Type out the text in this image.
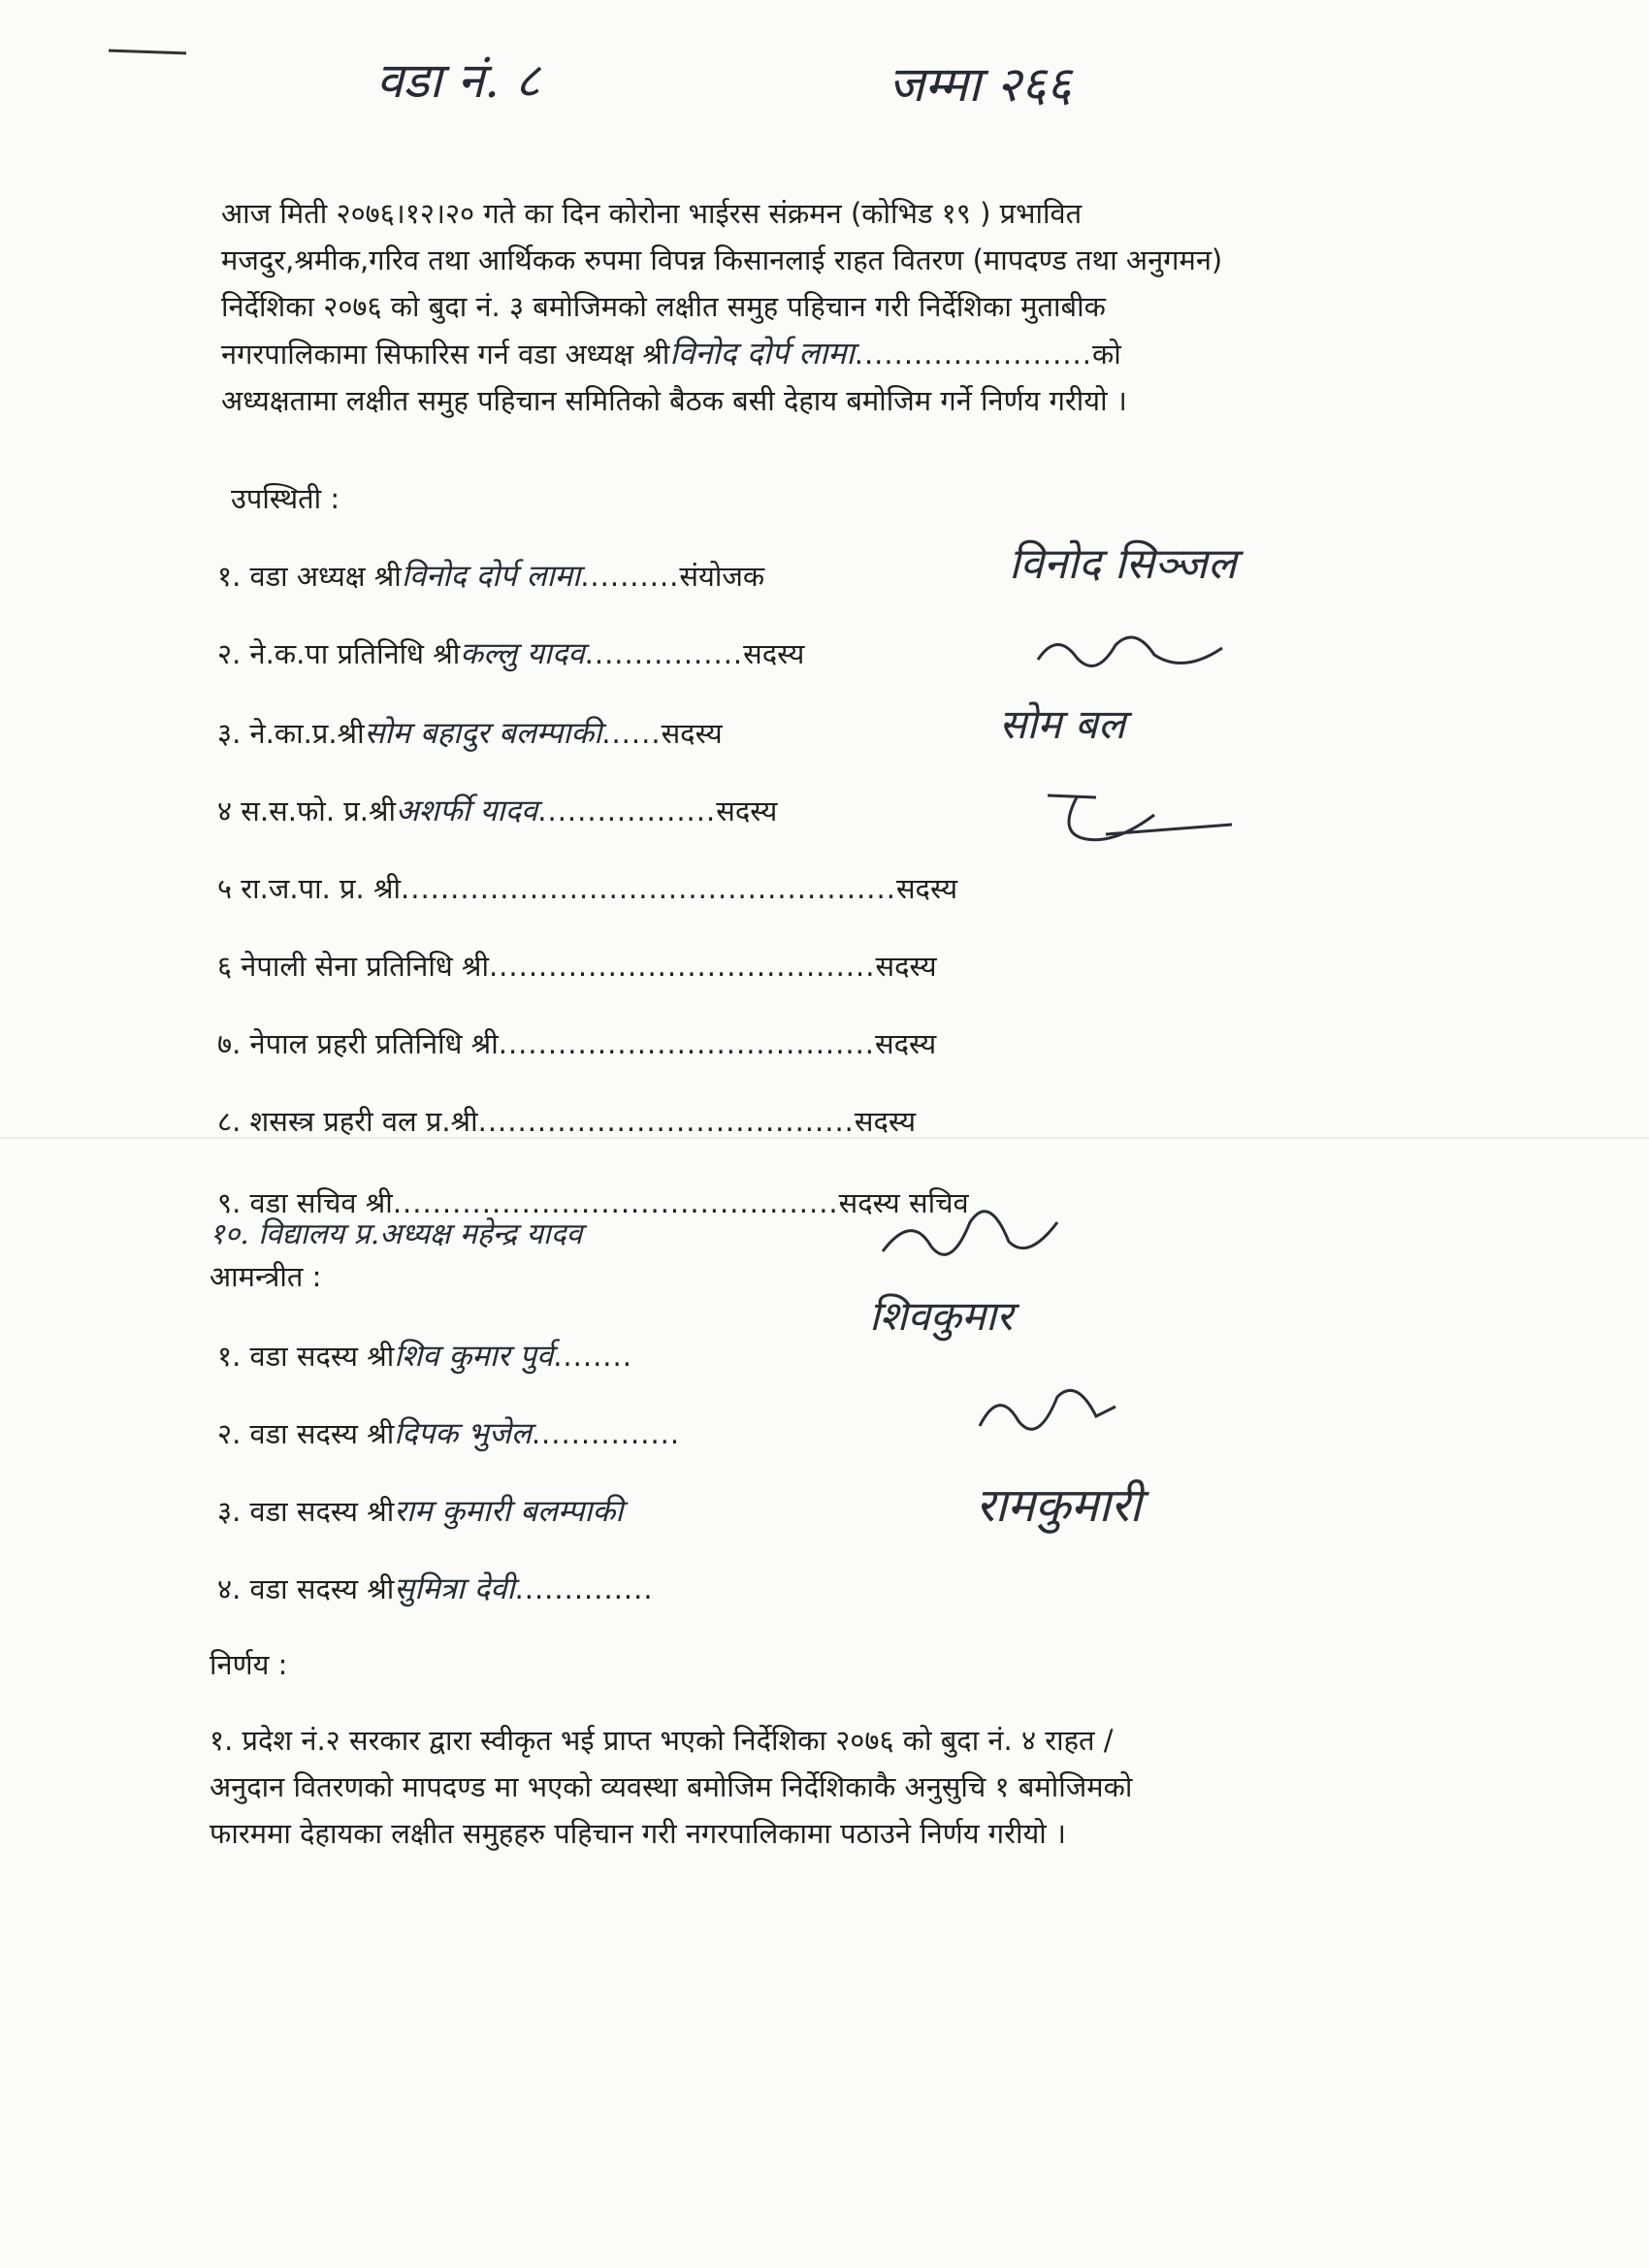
वडा नं. ८	जम्मा २६६
आज मिती २०७६।१२।२० गते का दिन कोरोना भाईरस संक्रमन (कोभिड १९ ) प्रभावित
मजदुर,श्रमीक,गरिव तथा आर्थिकक रुपमा विपन्न किसानलाई राहत वितरण (मापदण्ड तथा अनुगमन)
निर्देशिका २०७६ को बुदा नं. ३ बमोजिमको लक्षीत समुह पहिचान गरी निर्देशिका मुताबीक
नगरपालिकामा सिफारिस गर्न वडा अध्यक्ष श्रीविनोद दोर्प लामा........................को
अध्यक्षतामा लक्षीत समुह पहिचान समितिको बैठक बसी देहाय बमोजिम गर्ने निर्णय गरीयो ।
उपस्थिती :
१. वडा अध्यक्ष श्रीविनोद दोर्प लामा..........संयोजक
२. ने.क.पा प्रतिनिधि श्रीकल्लु यादव................सदस्य
३. ने.का.प्र.श्रीसोम बहादुर बलम्पाकी......सदस्य
४ स.स.फो. प्र.श्रीअशर्फी यादव..................सदस्य
५ रा.ज.पा. प्र. श्री..................................................सदस्य
६ नेपाली सेना प्रतिनिधि श्री.......................................सदस्य
७. नेपाल प्रहरी प्रतिनिधि श्री......................................सदस्य
८. शसस्त्र प्रहरी वल प्र.श्री......................................सदस्य
९. वडा सचिव श्री.............................................सदस्य सचिव
१०. विद्यालय प्र.अध्यक्ष महेन्द्र यादव
विनोद सिञ्जल
सोम बल
शिवकुमार
रामकुमारी
आमन्त्रीत :
१. वडा सदस्य श्रीशिव कुमार पुर्व........
२. वडा सदस्य श्रीदिपक भुजेल...............
३. वडा सदस्य श्रीराम कुमारी बलम्पाकी
४. वडा सदस्य श्रीसुमित्रा देवी..............
निर्णय :
१. प्रदेश नं.२ सरकार द्वारा स्वीकृत भई प्राप्त भएको निर्देशिका २०७६ को बुदा नं. ४ राहत /
अनुदान वितरणको मापदण्ड मा भएको व्यवस्था बमोजिम निर्देशिकाकै अनुसुचि १ बमोजिमको
फारममा देहायका लक्षीत समुहहरु पहिचान गरी नगरपालिकामा पठाउने निर्णय गरीयो ।
